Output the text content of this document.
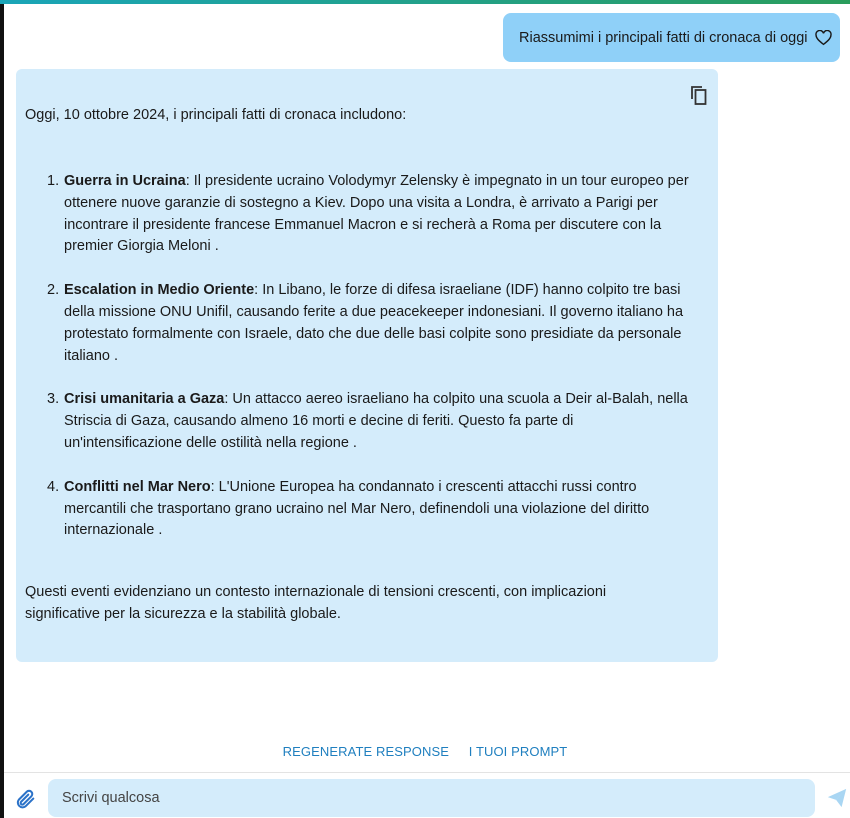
Riassumimi i principali fatti di cronaca di oggi
Oggi, 10 ottobre 2024, i principali fatti di cronaca includono:
1. Guerra in Ucraina: Il presidente ucraino Volodymyr Zelensky è impegnato in un tour europeo per ottenere nuove garanzie di sostegno a Kiev. Dopo una visita a Londra, è arrivato a Parigi per incontrare il presidente francese Emmanuel Macron e si recherà a Roma per discutere con la premier Giorgia Meloni .
2. Escalation in Medio Oriente: In Libano, le forze di difesa israeliane (IDF) hanno colpito tre basi della missione ONU Unifil, causando ferite a due peacekeeper indonesiani. Il governo italiano ha protestato formalmente con Israele, dato che due delle basi colpite sono presidiate da personale italiano .
3. Crisi umanitaria a Gaza: Un attacco aereo israeliano ha colpito una scuola a Deir al-Balah, nella Striscia di Gaza, causando almeno 16 morti e decine di feriti. Questo fa parte di un'intensificazione delle ostilità nella regione .
4. Conflitti nel Mar Nero: L'Unione Europea ha condannato i crescenti attacchi russi contro mercantili che trasportano grano ucraino nel Mar Nero, definendoli una violazione del diritto internazionale .
Questi eventi evidenziano un contesto internazionale di tensioni crescenti, con implicazioni significative per la sicurezza e la stabilità globale.
REGENERATE RESPONSE I TUOI PROMPT
Scrivi qualcosa
